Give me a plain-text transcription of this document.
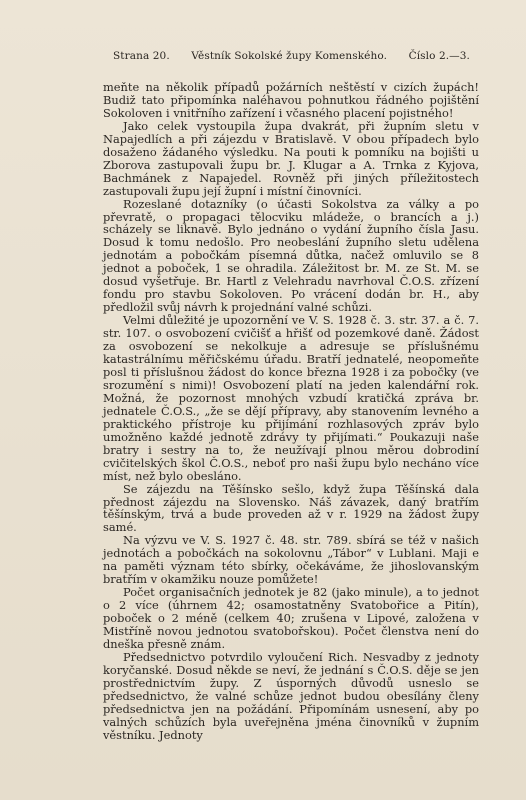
Strana 20. Věstník Sokolské župy Komenského. Číslo 2.—3.

meňte na několik případů požárních neštěstí v cizích župách! Budiž tato připomínka naléhavou pohnutkou řádného pojištění Sokoloven i vnitřního zařízení i včasného placení pojistného!

Jako celek vystoupila župa dvakrát, při župním sletu v Napajedlích a při zájezdu v Bratislavě. V obou případech bylo dosaženo žádaného výsledku. Na pouti k pomníku na bojišti u Zborova zastupovali župu br. J. Klugar a A. Trnka z Kyjova, Bachmánek z Napajedel. Rovněž při jiných příležitostech zastupovali župu její župní i místní činovníci.

Rozeslané dotazníky (o účasti Sokolstva za války a po převratě, o propagaci tělocviku mládeže, o brancích a j.) scházely se liknavě. Bylo jednáno o vydání župního čísla Jasu. Dosud k tomu nedošlo. Pro neobeslání župního sletu udělena jednotám a pobočkám písemná důtka, načež omluvilo se 8 jednot a poboček, 1 se ohradila. Záležitost br. M. ze St. M. se dosud vyšetřuje. Br. Hartl z Velehradu navrhoval Č.O.S. zřízení fondu pro stavbu Sokoloven. Po vrácení dodán br. H., aby předložil svůj návrh k projednání valné schůzi.

Velmi důležité je upozornění ve V. S. 1928 č. 3. str. 37. a č. 7. str. 107. o osvobození cvičišť a hřišť od pozemkové daně. Žádost za osvobození se nekolkuje a adresuje se příslušnému katastrálnímu měřičskému úřadu. Bratří jednatelé, neopomeňte posl ti příslušnou žádost do konce března 1928 i za pobočky (ve srozumění s nimi)! Osvobození platí na jeden kalendářní rok. Možná, že pozornost mnohých vzbudí kratičká zpráva br. jednatele Č.O.S., „že se dějí přípravy, aby stanovením levného a praktického přístroje ku přijímání rozhlasových zpráv bylo umožněno každé jednotě zdrávy ty přijímati.“ Poukazuji naše bratry i sestry na to, že neužívají plnou měrou dobrodiní cvičitelských škol Č.O.S., neboť pro naši župu bylo necháno více míst, než bylo obesláno.

Se zájezdu na Těšínsko sešlo, když župa Těšínská dala přednost zájezdu na Slovensko. Náš závazek, daný bratřím těšínským, trvá a bude proveden až v r. 1929 na žádost župy samé.

Na výzvu ve V. S. 1927 č. 48. str. 789. sbírá se též v našich jednotách a pobočkách na sokolovnu „Tábor“ v Lublani. Maji e na paměti význam této sbírky, očekáváme, že jihoslovanským bratřím v okamžiku nouze pomůžete!

Počet organisačních jednotek je 82 (jako minule), a to jednot o 2 více (úhrnem 42; osamostatněny Svatobořice a Pitín), poboček o 2 méně (celkem 40; zrušena v Lipové, založena v Mistříně novou jednotou svatobořskou). Počet členstva není do dneška přesně znám.

Předsednictvo potvrdilo vyloučení Rich. Nesvadby z jednoty koryčanské. Dosud někde se neví, že jednání s Č.O.S. děje se jen prostřednictvím župy. Z úsporných důvodů usneslo se předsednictvo, že valné schůze jednot budou obesílány členy předsednictva jen na požádání. Připomínám usnesení, aby po valných schůzích byla uveřejněna jména činovníků v župním věstníku. Jednoty
